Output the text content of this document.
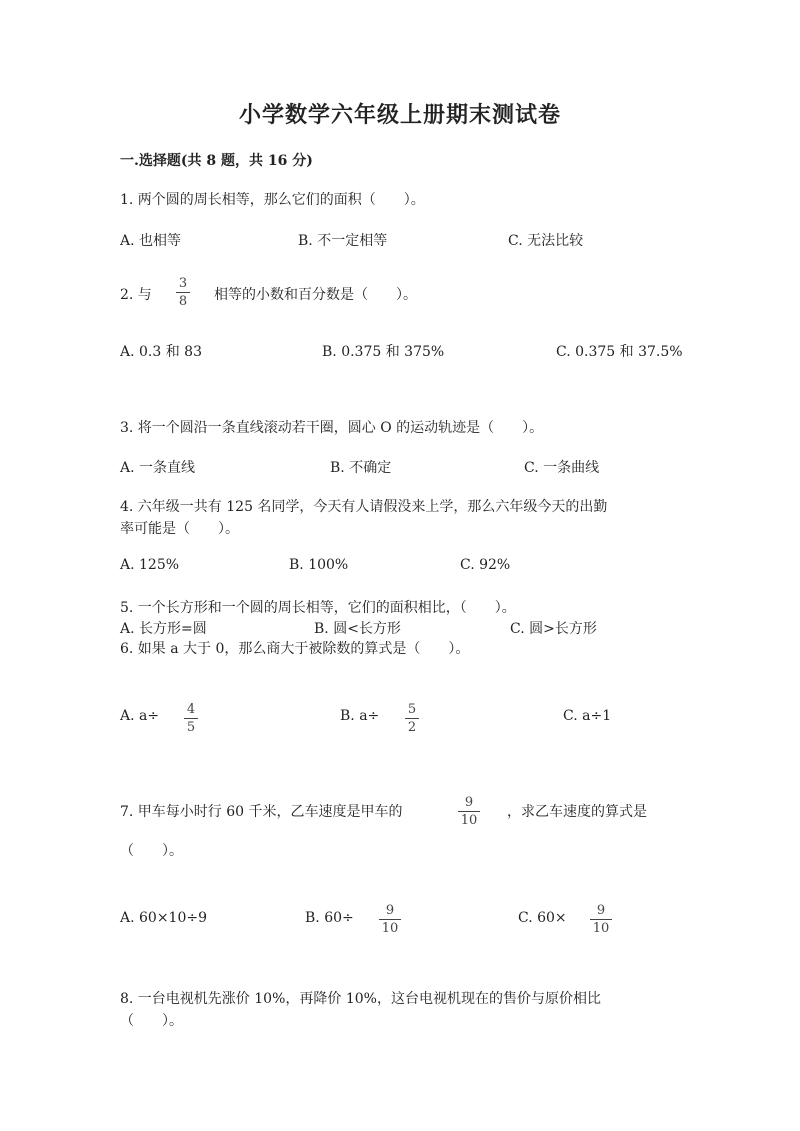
小学数学六年级上册期末测试卷
一.选择题(共 8 题，共 16 分)
1. 两个圆的周长相等，那么它们的面积（　　）。
A. 也相等	B. 不一定相等	C. 无法比较
2. 与
3
8 相等的小数和百分数是（　　）。
A. 0.3 和 83	B. 0.375 和 375%	C. 0.375 和 37.5%
3. 将一个圆沿一条直线滚动若干圈，圆心 O 的运动轨迹是（　　）。
A. 一条直线	B. 不确定	C. 一条曲线
4. 六年级一共有 125 名同学，今天有人请假没来上学，那么六年级今天的出勤
率可能是（　　）。
A. 125%	B. 100%	C. 92%
5. 一个长方形和一个圆的周长相等，它们的面积相比，（　　）。
A. 长方形=圆	B. 圆<长方形	C. 圆>长方形
6. 如果 a 大于 0，那么商大于被除数的算式是（　　）。
A. a÷ 4
5
B. a÷ 5
2
C. a÷1
7. 甲车每小时行 60 千米，乙车速度是甲车的
9
10
，求乙车速度的算式是
（　　）。
A. 60×10÷9	B. 60÷	9
10
C. 60×	9
10
8. 一台电视机先涨价 10%，再降价 10%，这台电视机现在的售价与原价相比
（　　）。
